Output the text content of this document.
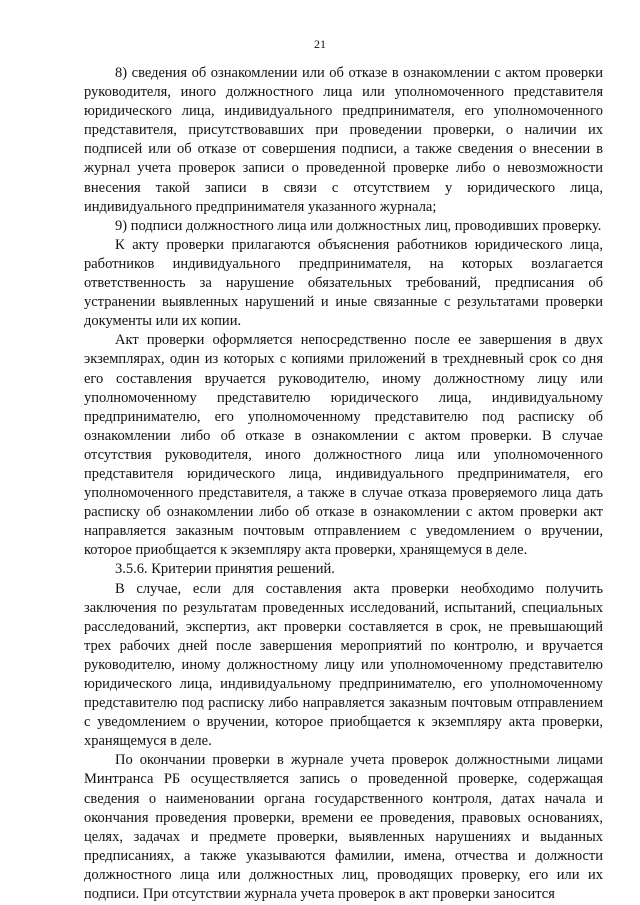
21

8) сведения об ознакомлении или об отказе в ознакомлении с актом проверки руководителя, иного должностного лица или уполномоченного представителя юридического лица, индивидуального предпринимателя, его уполномоченного представителя, присутствовавших при проведении проверки, о наличии их подписей или об отказе от совершения подписи, а также сведения о внесении в журнал учета проверок записи о проведенной проверке либо о невозможности внесения такой записи в связи с отсутствием у юридического лица, индивидуального предпринимателя указанного журнала;

9) подписи должностного лица или должностных лиц, проводивших проверку.

К акту проверки прилагаются объяснения работников юридического лица, работников индивидуального предпринимателя, на которых возлагается ответственность за нарушение обязательных требований, предписания об устранении выявленных нарушений и иные связанные с результатами проверки документы или их копии.

Акт проверки оформляется непосредственно после ее завершения в двух экземплярах, один из которых с копиями приложений в трехдневный срок со дня его составления вручается руководителю, иному должностному лицу или уполномоченному представителю юридического лица, индивидуальному предпринимателю, его уполномоченному представителю под расписку об ознакомлении либо об отказе в ознакомлении с актом проверки. В случае отсутствия руководителя, иного должностного лица или уполномоченного представителя юридического лица, индивидуального предпринимателя, его уполномоченного представителя, а также в случае отказа проверяемого лица дать расписку об ознакомлении либо об отказе в ознакомлении с актом проверки акт направляется заказным почтовым отправлением с уведомлением о вручении, которое приобщается к экземпляру акта проверки, хранящемуся в деле.

3.5.6. Критерии принятия решений.

В случае, если для составления акта проверки необходимо получить заключения по результатам проведенных исследований, испытаний, специальных расследований, экспертиз, акт проверки составляется в срок, не превышающий трех рабочих дней после завершения мероприятий по контролю, и вручается руководителю, иному должностному лицу или уполномоченному представителю юридического лица, индивидуальному предпринимателю, его уполномоченному представителю под расписку либо направляется заказным почтовым отправлением с уведомлением о вручении, которое приобщается к экземпляру акта проверки, хранящемуся в деле.

По окончании проверки в журнале учета проверок должностными лицами Минтранса РБ осуществляется запись о проведенной проверке, содержащая сведения о наименовании органа государственного контроля, датах начала и окончания проведения проверки, времени ее проведения, правовых основаниях, целях, задачах и предмете проверки, выявленных нарушениях и выданных предписаниях, а также указываются фамилии, имена, отчества и должности должностного лица или должностных лиц, проводящих проверку, его или их подписи. При отсутствии журнала учета проверок в акт проверки заносится
